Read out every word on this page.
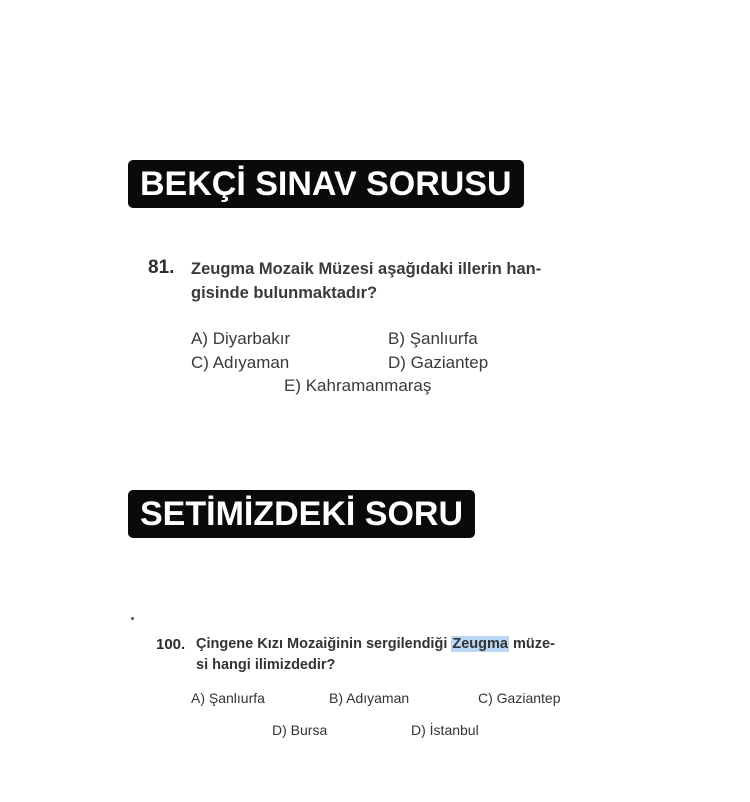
BEKÇİ SINAV SORUSU
81. Zeugma Mozaik Müzesi aşağıdaki illerin han-
gisinde bulunmaktadır?
A) Diyarbakır	B) Şanlıurfa
C) Adıyaman	D) Gaziantep
E) Kahramanmaraş
SETİMİZDEKİ SORU
100. Çingene Kızı Mozaiğinin sergilendiği Zeugma müze-
si hangi ilimizdedir?
A) Şanlıurfa	B) Adıyaman	C) Gaziantep
D) Bursa	D) İstanbul
